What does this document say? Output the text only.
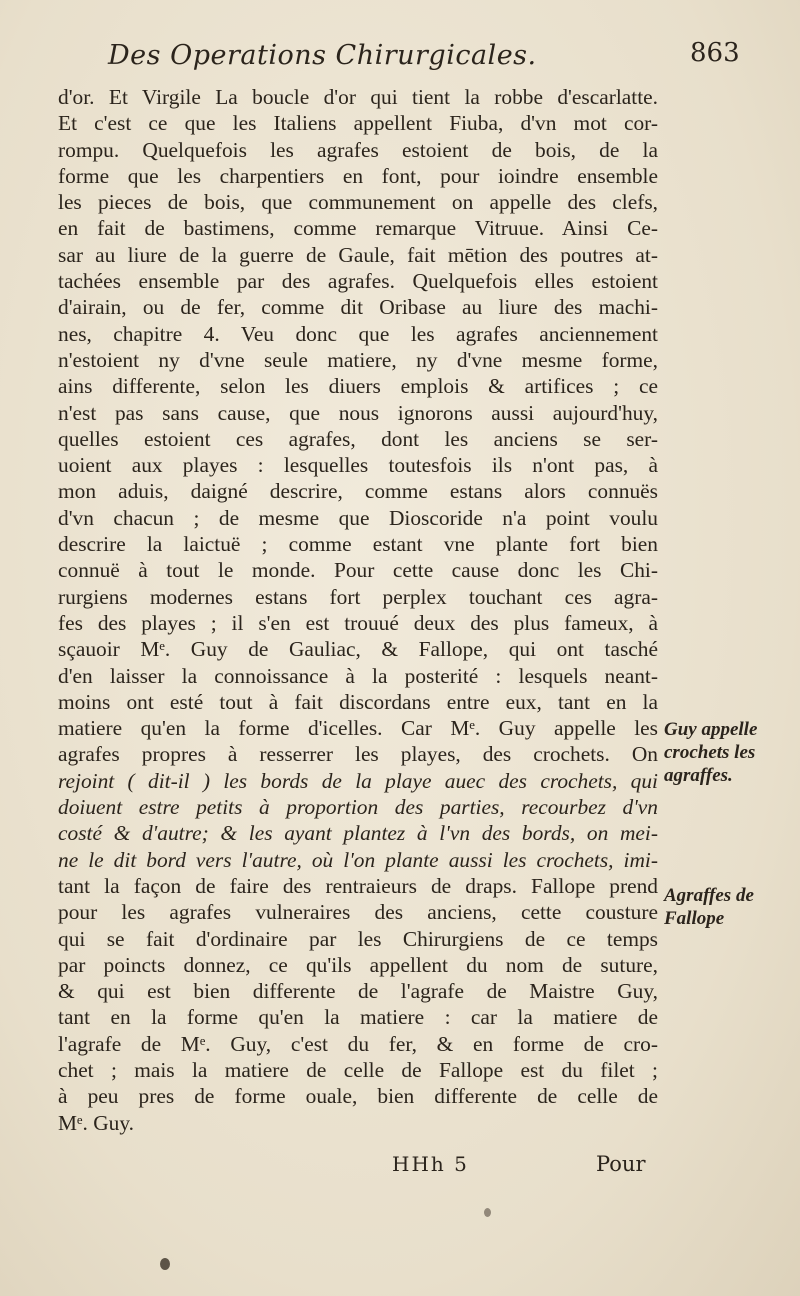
Des Operations Chirurgicales.	863
d'or. Et Virgile La boucle d'or qui tient la robbe d'escarlatte.
Et c'est ce que les Italiens appellent Fiuba, d'vn mot cor-
rompu. Quelquefois les agrafes estoient de bois, de la
forme que les charpentiers en font, pour ioindre ensemble
les pieces de bois, que communement on appelle des clefs,
en fait de bastimens, comme remarque Vitruue. Ainsi Ce-
sar au liure de la guerre de Gaule, fait mētion des poutres at-
tachées ensemble par des agrafes. Quelquefois elles estoient
d'airain, ou de fer, comme dit Oribase au liure des machi-
nes, chapitre 4. Veu donc que les agrafes anciennement
n'estoient ny d'vne seule matiere, ny d'vne mesme forme,
ains differente, selon les diuers emplois & artifices ; ce
n'est pas sans cause, que nous ignorons aussi aujourd'huy,
quelles estoient ces agrafes, dont les anciens se ser-
uoient aux playes : lesquelles toutesfois ils n'ont pas, à
mon aduis, daigné descrire, comme estans alors connuës
d'vn chacun ; de mesme que Dioscoride n'a point voulu
descrire la laictuë ; comme estant vne plante fort bien
connuë à tout le monde. Pour cette cause donc les Chi-
rurgiens modernes estans fort perplex touchant ces agra-
fes des playes ; il s'en est trouué deux des plus fameux, à
sçauoir Mᵉ. Guy de Gauliac, & Fallope, qui ont tasché
d'en laisser la connoissance à la posterité : lesquels neant-
moins ont esté tout à fait discordans entre eux, tant en la
matiere qu'en la forme d'icelles. Car Mᵉ. Guy appelle les
agrafes propres à resserrer les playes, des crochets. On
rejoint ( dit-il ) les bords de la playe auec des crochets, qui
doiuent estre petits à proportion des parties, recourbez d'vn
costé & d'autre; & les ayant plantez à l'vn des bords, on mei-
ne le dit bord vers l'autre, où l'on plante aussi les crochets, imi-
tant la façon de faire des rentraieurs de draps. Fallope prend
pour les agrafes vulneraires des anciens, cette cousture
qui se fait d'ordinaire par les Chirurgiens de ce temps
par poincts donnez, ce qu'ils appellent du nom de suture,
& qui est bien differente de l'agrafe de Maistre Guy,
tant en la forme qu'en la matiere : car la matiere de
l'agrafe de Mᵉ. Guy, c'est du fer, & en forme de cro-
chet ; mais la matiere de celle de Fallope est du filet ;
à peu pres de forme ouale, bien differente de celle de
Mᵉ. Guy.
Guy appelle crochets les agraffes.
Agraffes de Fallope
HHh 5	Pour
